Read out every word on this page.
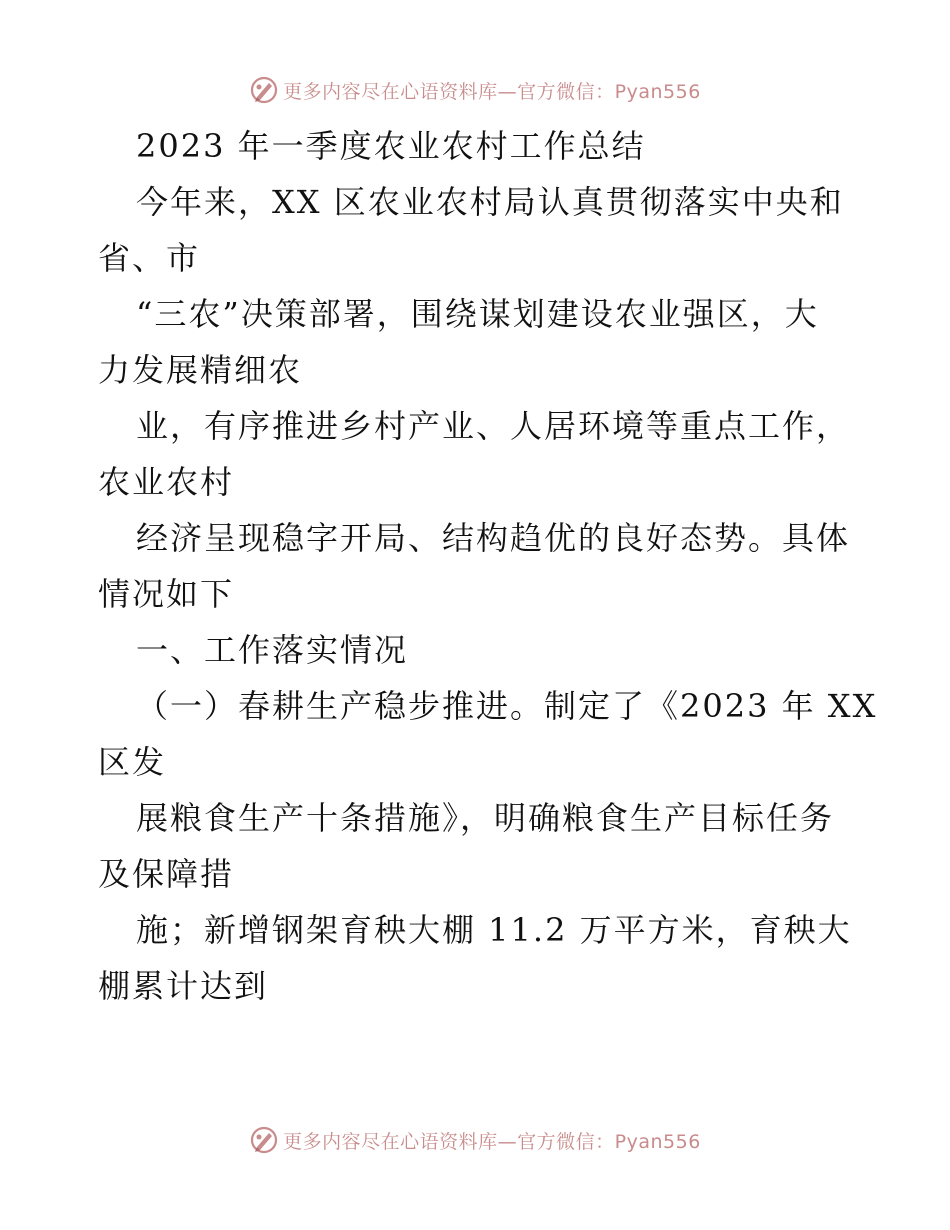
更多内容尽在心语资料库—官方微信：Pyan556
2023 年一季度农业农村工作总结
今年来，XX 区农业农村局认真贯彻落实中央和
省、市
“三农”决策部署，围绕谋划建设农业强区，大
力发展精细农
业，有序推进乡村产业、人居环境等重点工作，
农业农村
经济呈现稳字开局、结构趋优的良好态势。具体
情况如下
一、工作落实情况
（一）春耕生产稳步推进。制定了《2023 年 XX
区发
展粮食生产十条措施》，明确粮食生产目标任务
及保障措
施；新增钢架育秧大棚 11.2 万平方米，育秧大
棚累计达到
更多内容尽在心语资料库—官方微信：Pyan556
